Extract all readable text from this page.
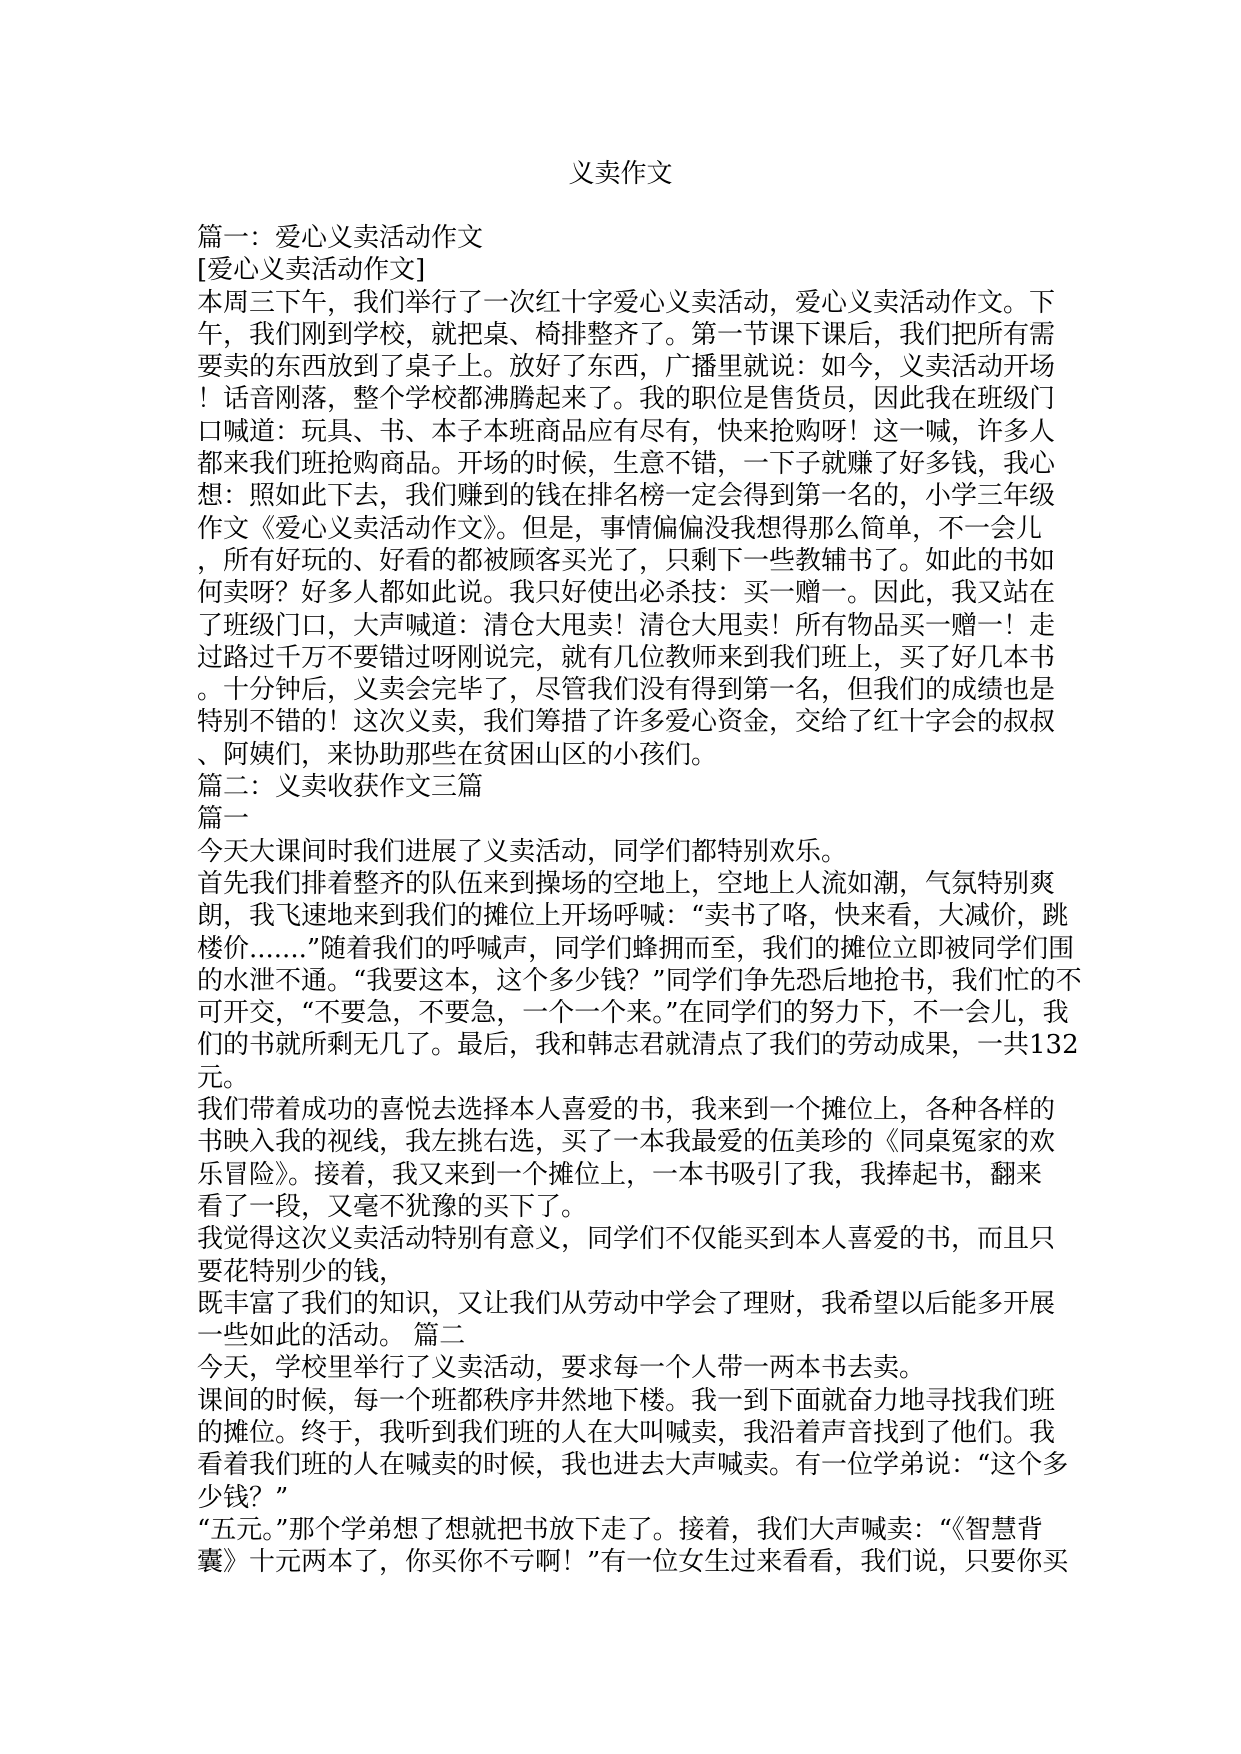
义卖作文

篇一：爱心义卖活动作文

[爱心义卖活动作文]

本周三下午，我们举行了一次红十字爱心义卖活动，爱心义卖活动作文。下

午，我们刚到学校，就把桌、椅排整齐了。第一节课下课后，我们把所有需

要卖的东西放到了桌子上。放好了东西，广播里就说：如今，义卖活动开场

！话音刚落，整个学校都沸腾起来了。我的职位是售货员，因此我在班级门

口喊道：玩具、书、本子本班商品应有尽有，快来抢购呀！这一喊，许多人

都来我们班抢购商品。开场的时候，生意不错，一下子就赚了好多钱，我心

想：照如此下去，我们赚到的钱在排名榜一定会得到第一名的，小学三年级

作文《爱心义卖活动作文》。但是，事情偏偏没我想得那么简单，不一会儿

，所有好玩的、好看的都被顾客买光了，只剩下一些教辅书了。如此的书如

何卖呀？好多人都如此说。我只好使出必杀技：买一赠一。因此，我又站在

了班级门口，大声喊道：清仓大甩卖！清仓大甩卖！所有物品买一赠一！走

过路过千万不要错过呀刚说完，就有几位教师来到我们班上，买了好几本书

。十分钟后，义卖会完毕了，尽管我们没有得到第一名，但我们的成绩也是

特别不错的！这次义卖，我们筹措了许多爱心资金，交给了红十字会的叔叔

、阿姨们，来协助那些在贫困山区的小孩们。

篇二：义卖收获作文三篇

篇一

今天大课间时我们进展了义卖活动，同学们都特别欢乐。

首先我们排着整齐的队伍来到操场的空地上，空地上人流如潮，气氛特别爽

朗，我飞速地来到我们的摊位上开场呼喊：“卖书了咯，快来看，大减价，跳

楼价.......”随着我们的呼喊声，同学们蜂拥而至，我们的摊位立即被同学们围

的水泄不通。“我要这本，这个多少钱？”同学们争先恐后地抢书，我们忙的不

可开交，“不要急，不要急，一个一个来。”在同学们的努力下，不一会儿，我

们的书就所剩无几了。最后，我和韩志君就清点了我们的劳动成果，一共132

元。

我们带着成功的喜悦去选择本人喜爱的书，我来到一个摊位上，各种各样的

书映入我的视线，我左挑右选，买了一本我最爱的伍美珍的《同桌冤家的欢

乐冒险》。接着，我又来到一个摊位上，一本书吸引了我，我捧起书，翻来

看了一段，又毫不犹豫的买下了。

我觉得这次义卖活动特别有意义，同学们不仅能买到本人喜爱的书，而且只

要花特别少的钱，

既丰富了我们的知识，又让我们从劳动中学会了理财，我希望以后能多开展

一些如此的活动。 篇二

今天，学校里举行了义卖活动，要求每一个人带一两本书去卖。

课间的时候，每一个班都秩序井然地下楼。我一到下面就奋力地寻找我们班

的摊位。终于，我听到我们班的人在大叫喊卖，我沿着声音找到了他们。我

看着我们班的人在喊卖的时候，我也进去大声喊卖。有一位学弟说：“这个多

少钱？”

“五元。”那个学弟想了想就把书放下走了。接着，我们大声喊卖：“《智慧背

囊》十元两本了，你买你不亏啊！”有一位女生过来看看，我们说，只要你买
